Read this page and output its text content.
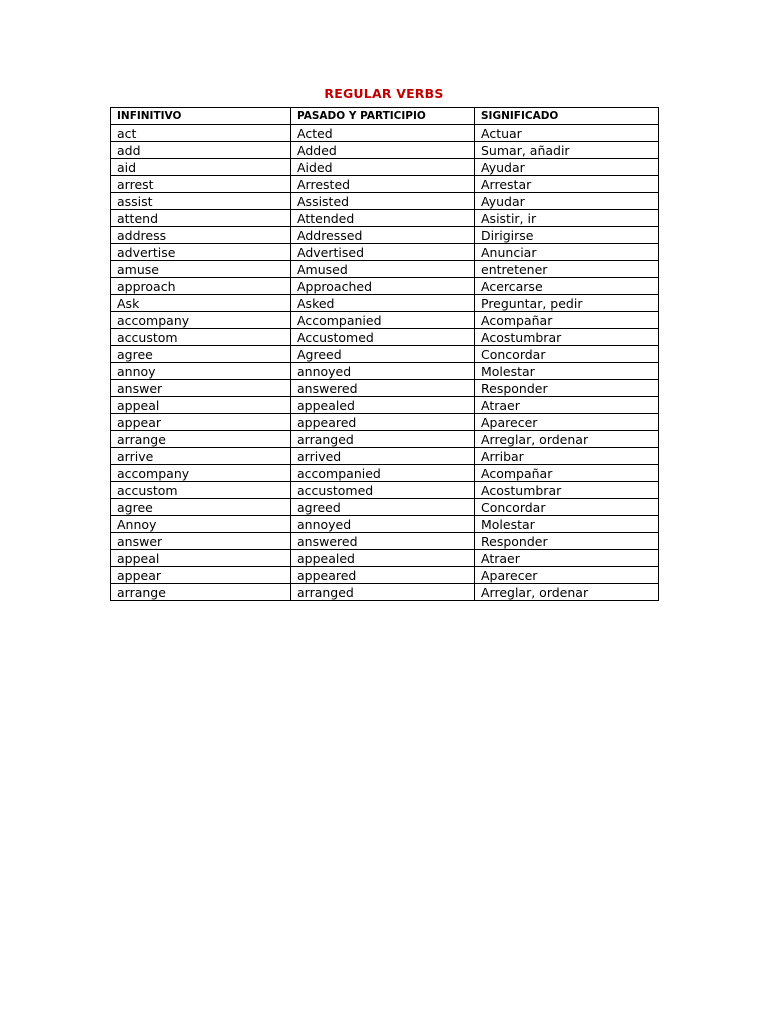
REGULAR VERBS
INFINITIVO	PASADO Y PARTICIPIO	SIGNIFICADO
act	Acted	Actuar
add	Added	Sumar, añadir
aid	Aided	Ayudar
arrest	Arrested	Arrestar
assist	Assisted	Ayudar
attend	Attended	Asistir, ir
address	Addressed	Dirigirse
advertise	Advertised	Anunciar
amuse	Amused	entretener
approach	Approached	Acercarse
Ask	Asked	Preguntar, pedir
accompany	Accompanied	Acompañar
accustom	Accustomed	Acostumbrar
agree	Agreed	Concordar
annoy	annoyed	Molestar
answer	answered	Responder
appeal	appealed	Atraer
appear	appeared	Aparecer
arrange	arranged	Arreglar, ordenar
arrive	arrived	Arribar
accompany	accompanied	Acompañar
accustom	accustomed	Acostumbrar
agree	agreed	Concordar
Annoy	annoyed	Molestar
answer	answered	Responder
appeal	appealed	Atraer
appear	appeared	Aparecer
arrange	arranged	Arreglar, ordenar
